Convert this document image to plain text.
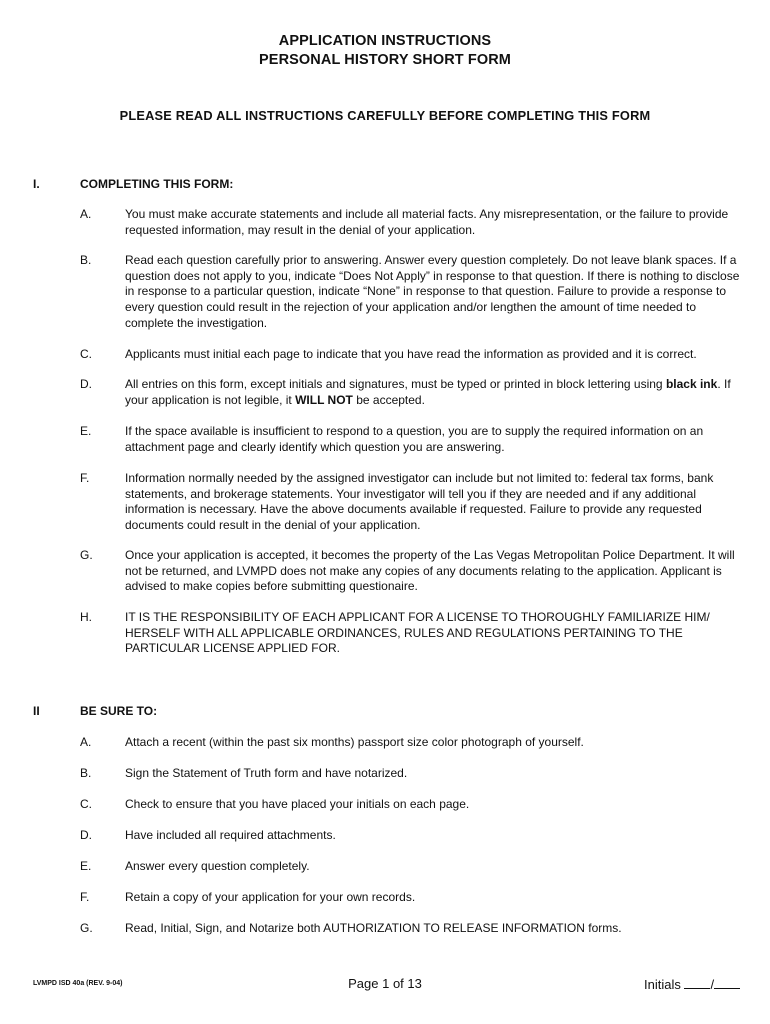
APPLICATION INSTRUCTIONS
PERSONAL HISTORY SHORT FORM
PLEASE READ ALL INSTRUCTIONS CAREFULLY BEFORE COMPLETING THIS FORM
I.	COMPLETING THIS FORM:
A.	You must make accurate statements and include all material facts. Any misrepresentation, or the failure to provide requested information, may result in the denial of your application.
B.	Read each question carefully prior to answering. Answer every question completely. Do not leave blank spaces. If a question does not apply to you, indicate “Does Not Apply” in response to that question. If there is nothing to disclose in response to a particular question, indicate “None” in response to that question. Failure to provide a response to every question could result in the rejection of your application and/or lengthen the amount of time needed to complete the investigation.
C.	Applicants must initial each page to indicate that you have read the information as provided and it is correct.
D.	All entries on this form, except initials and signatures, must be typed or printed in block lettering using black ink. If your application is not legible, it WILL NOT be accepted.
E.	If the space available is insufficient to respond to a question, you are to supply the required information on an attachment page and clearly identify which question you are answering.
F.	Information normally needed by the assigned investigator can include but not limited to: federal tax forms, bank statements, and brokerage statements. Your investigator will tell you if they are needed and if any additional information is necessary. Have the above documents available if requested. Failure to provide any requested documents could result in the denial of your application.
G.	Once your application is accepted, it becomes the property of the Las Vegas Metropolitan Police Department. It will not be returned, and LVMPD does not make any copies of any documents relating to the application. Applicant is advised to make copies before submitting questionaire.
H.	IT IS THE RESPONSIBILITY OF EACH APPLICANT FOR A LICENSE TO THOROUGHLY FAMILIARIZE HIM/ HERSELF WITH ALL APPLICABLE ORDINANCES, RULES AND REGULATIONS PERTAINING TO THE PARTICULAR LICENSE APPLIED FOR.
II	BE SURE TO:
A.	Attach a recent (within the past six months) passport size color photograph of yourself.
B.	Sign the Statement of Truth form and have notarized.
C.	Check to ensure that you have placed your initials on each page.
D.	Have included all required attachments.
E.	Answer every question completely.
F.	Retain a copy of your application for your own records.
G.	Read, Initial, Sign, and Notarize both AUTHORIZATION TO RELEASE INFORMATION forms.
LVMPD ISD 40a (REV. 9-04)	Page 1 of 13	Initials /
